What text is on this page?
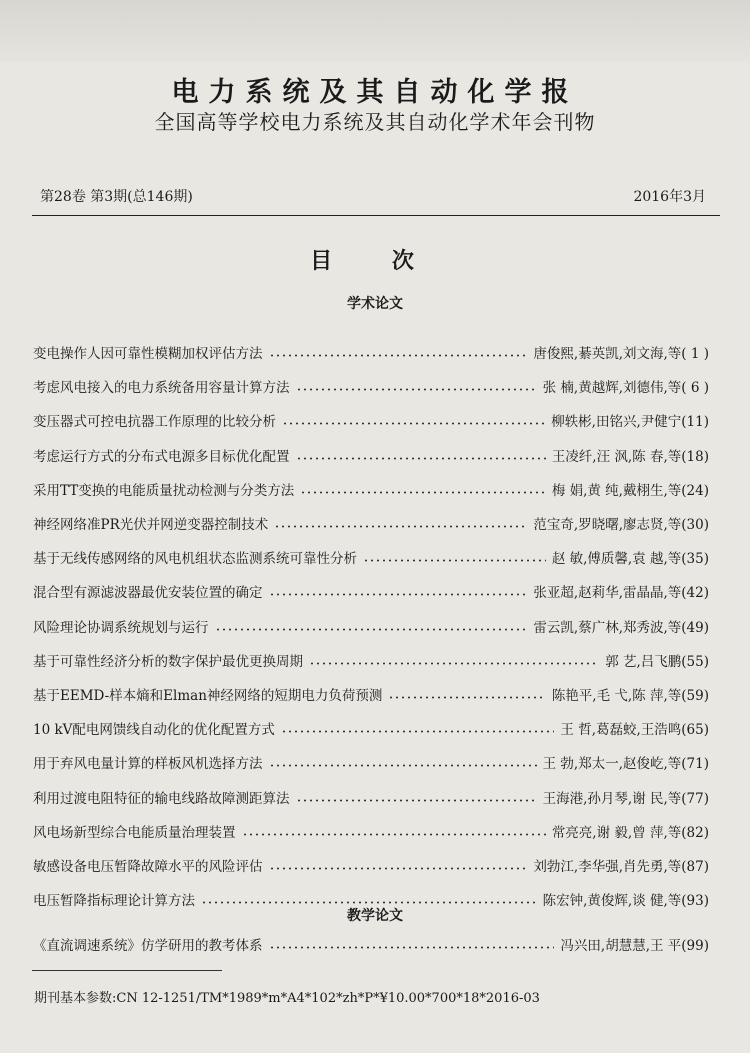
电力系统及其自动化学报
全国高等学校电力系统及其自动化学术年会刊物
第28卷 第3期(总146期)	2016年3月
目 次
学术论文
变电操作人因可靠性模糊加权评估方法	唐俊熙,綦英凯,刘文海,等 ( 1 )
考虑风电接入的电力系统备用容量计算方法	张 楠,黄越辉,刘德伟,等 ( 6 )
变压器式可控电抗器工作原理的比较分析	柳轶彬,田铭兴,尹健宁 (11)
考虑运行方式的分布式电源多目标优化配置	王凌纤,汪 沨,陈 春,等 (18)
采用TT变换的电能质量扰动检测与分类方法	梅 娟,黄 纯,戴栩生,等 (24)
神经网络准PR光伏并网逆变器控制技术	范宝奇,罗晓曙,廖志贤,等 (30)
基于无线传感网络的风电机组状态监测系统可靠性分析	赵 敏,傅质馨,袁 越,等 (35)
混合型有源滤波器最优安装位置的确定	张亚超,赵莉华,雷晶晶,等 (42)
风险理论协调系统规划与运行	雷云凯,蔡广林,郑秀波,等 (49)
基于可靠性经济分析的数字保护最优更换周期	郭 艺,吕飞鹏 (55)
基于EEMD-样本熵和Elman神经网络的短期电力负荷预测	陈艳平,毛 弋,陈 萍,等 (59)
10 kV配电网馈线自动化的优化配置方式	王 哲,葛磊蛟,王浩鸣 (65)
用于弃风电量计算的样板风机选择方法	王 勃,郑太一,赵俊屹,等 (71)
利用过渡电阻特征的输电线路故障测距算法	王海港,孙月琴,谢 民,等 (77)
风电场新型综合电能质量治理装置	常亮亮,谢 毅,曾 萍,等 (82)
敏感设备电压暂降故障水平的风险评估	刘勃江,李华强,肖先勇,等 (87)
电压暂降指标理论计算方法	陈宏钟,黄俊辉,谈 健,等 (93)
教学论文
《直流调速系统》仿学研用的教考体系	冯兴田,胡慧慧,王 平 (99)
期刊基本参数:CN 12-1251/TM*1989*m*A4*102*zh*P*¥10.00*700*18*2016-03
